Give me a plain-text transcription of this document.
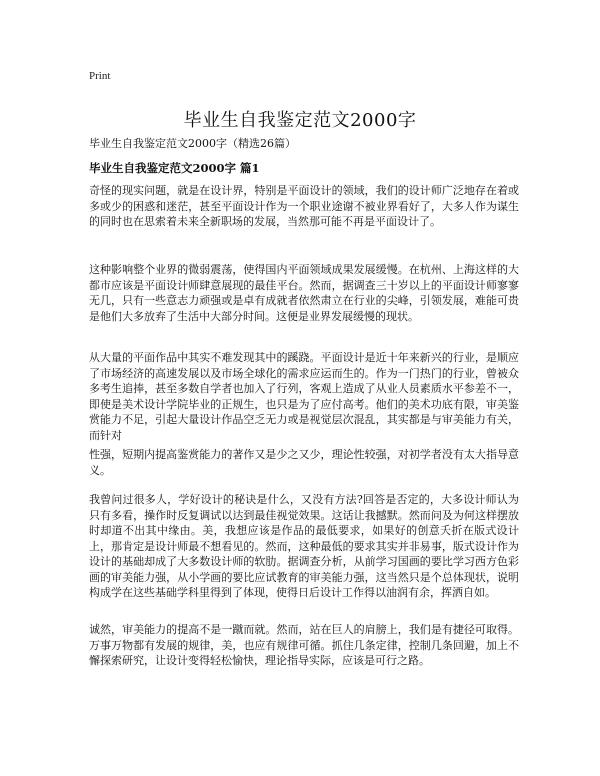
Print
毕业生自我鉴定范文2000字
毕业生自我鉴定范文2000字（精选26篇）
毕业生自我鉴定范文2000字 篇1

奇怪的现实问题，就是在设计界，特别是平面设计的领域，我们的设计师广泛地存在着或多或少的困惑和迷茫，甚至平面设计作为一个职业途谢不被业界看好了，大多人作为谋生的同时也在思索着未来全新职场的发展，当然那可能不再是平面设计了。

这种影响整个业界的微弱震荡，使得国内平面领域成果发展缓慢。在杭州、上海这样的大都市应该是平面设计师肆意展现的最佳平台。然而，据调查三十岁以上的平面设计师寥寥无几，只有一些意志力顽强或是卓有成就者依然肃立在行业的尖峰，引领发展，难能可贵是他们大多放弃了生活中大部分时间。这便是业界发展缓慢的现状。

从大量的平面作品中其实不难发现其中的蹊跷。平面设计是近十年来新兴的行业，是顺应了市场经济的高速发展以及市场全球化的需求应运而生的。作为一门热门的行业，曾被众多考生追捧，甚至多数自学者也加入了行列，客观上造成了从业人员素质水平参差不一，即使是美术设计学院毕业的正规生，也只是为了应付高考。他们的美术功底有限，审美鉴赏能力不足，引起大量设计作品空乏无力或是视觉层次混乱，其实都是与审美能力有关，而针对

性强，短期内提高鉴赏能力的著作又是少之又少，理论性较强，对初学者没有太大指导意义。

我曾问过很多人，学好设计的秘诀是什么，又没有方法?回答是否定的，大多设计师认为只有多看，操作时反复调试以达到最佳视觉效果。这话让我撼默。然而问及为何这样摆放时却道不出其中缘由。美，我想应该是作品的最低要求，如果好的创意夭折在版式设计上，那肯定是设计师最不想看见的。然而，这种最低的要求其实并非易事，版式设计作为设计的基础却成了大多数设计师的软肋。据调查分析，从前学习国画的要比学习西方色彩画的审美能力强，从小学画的要比应试教育的审美能力强，这当然只是个总体现状，说明构成学在这些基础学科里得到了体现，使得日后设计工作得以油润有余，挥洒自如。

诚然，审美能力的提高不是一蹴而就。然而，站在巨人的肩膀上，我们是有捷径可取得。万事万物都有发展的规律，美，也应有规律可循。抓住几条定律，控制几条回避，加上不懈探索研究，让设计变得轻松愉快，理论指导实际，应该是可行之路。
